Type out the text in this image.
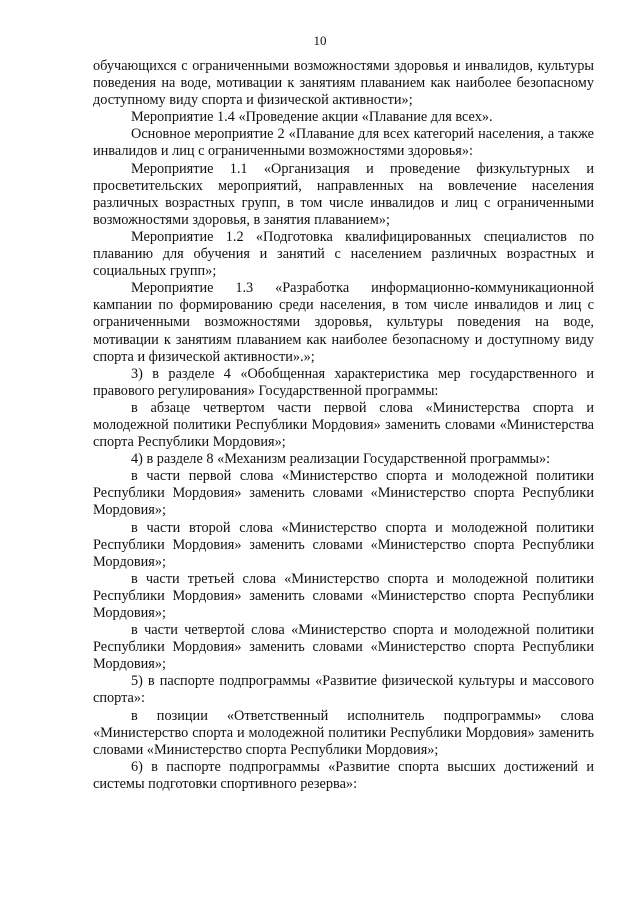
10

обучающихся с ограниченными возможностями здоровья и инвалидов, культуры поведения на воде, мотивации к занятиям плаванием как наиболее безопасному доступному виду спорта и физической активности»;

Мероприятие 1.4 «Проведение акции «Плавание для всех».

Основное мероприятие 2 «Плавание для всех категорий населения, а также инвалидов и лиц с ограниченными возможностями здоровья»:

Мероприятие 1.1 «Организация и проведение физкультурных и просветительских мероприятий, направленных на вовлечение населения различных возрастных групп, в том числе инвалидов и лиц с ограниченными возможностями здоровья, в занятия плаванием»;

Мероприятие 1.2 «Подготовка квалифицированных специалистов по плаванию для обучения и занятий с населением различных возрастных и социальных групп»;

Мероприятие 1.3 «Разработка информационно-коммуникационной кампании по формированию среди населения, в том числе инвалидов и лиц с ограниченными возможностями здоровья, культуры поведения на воде, мотивации к занятиям плаванием как наиболее безопасному и доступному виду спорта и физической активности».»;

3) в разделе 4 «Обобщенная характеристика мер государственного и правового регулирования» Государственной программы:

в абзаце четвертом части первой слова «Министерства спорта и молодежной политики Республики Мордовия» заменить словами «Министерства спорта Республики Мордовия»;

4) в разделе 8 «Механизм реализации Государственной программы»:

в части первой слова «Министерство спорта и молодежной политики Республики Мордовия» заменить словами «Министерство спорта Республики Мордовия»;

в части второй слова «Министерство спорта и молодежной политики Республики Мордовия» заменить словами «Министерство спорта Республики Мордовия»;

в части третьей слова «Министерство спорта и молодежной политики Республики Мордовия» заменить словами «Министерство спорта Республики Мордовия»;

в части четвертой слова «Министерство спорта и молодежной политики Республики Мордовия» заменить словами «Министерство спорта Республики Мордовия»;

5) в паспорте подпрограммы «Развитие физической культуры и массового спорта»:

в позиции «Ответственный исполнитель подпрограммы» слова «Министерство спорта и молодежной политики Республики Мордовия» заменить словами «Министерство спорта Республики Мордовия»;

6) в паспорте подпрограммы «Развитие спорта высших достижений и системы подготовки спортивного резерва»:
